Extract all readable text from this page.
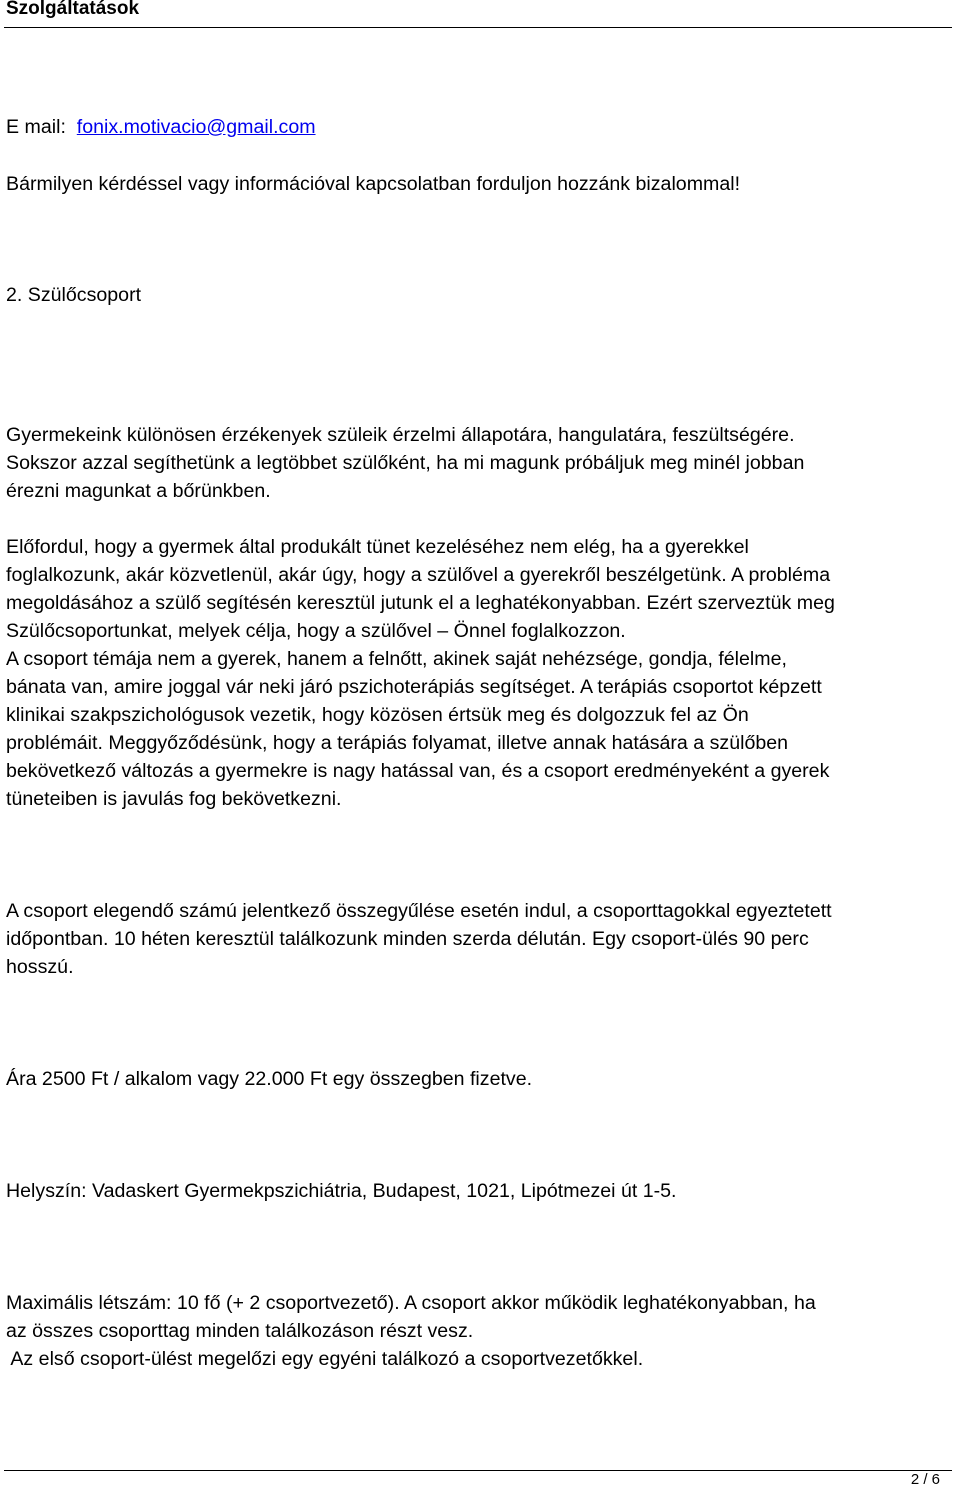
Szolgáltatások
E mail: fonix.motivacio@gmail.com
Bármilyen kérdéssel vagy információval kapcsolatban forduljon hozzánk bizalommal!
2. Szülőcsoport
Gyermekeink különösen érzékenyek szüleik érzelmi állapotára, hangulatára, feszültségére.
Sokszor azzal segíthetünk a legtöbbet szülőként, ha mi magunk próbáljuk meg minél jobban
érezni magunkat a bőrünkben.
Előfordul, hogy a gyermek által produkált tünet kezeléséhez nem elég, ha a gyerekkel
foglalkozunk, akár közvetlenül, akár úgy, hogy a szülővel a gyerekről beszélgetünk. A probléma
megoldásához a szülő segítésén keresztül jutunk el a leghatékonyabban. Ezért szerveztük meg
Szülőcsoportunkat, melyek célja, hogy a szülővel – Önnel foglalkozzon.
A csoport témája nem a gyerek, hanem a felnőtt, akinek saját nehézsége, gondja, félelme,
bánata van, amire joggal vár neki járó pszichoterápiás segítséget. A terápiás csoportot képzett
klinikai szakpszichológusok vezetik, hogy közösen értsük meg és dolgozzuk fel az Ön
problémáit. Meggyőződésünk, hogy a terápiás folyamat, illetve annak hatására a szülőben
bekövetkező változás a gyermekre is nagy hatással van, és a csoport eredményeként a gyerek
tüneteiben is javulás fog bekövetkezni.
A csoport elegendő számú jelentkező összegyűlése esetén indul, a csoporttagokkal egyeztetett
időpontban. 10 héten keresztül találkozunk minden szerda délután. Egy csoport-ülés 90 perc
hosszú.
Ára 2500 Ft / alkalom vagy 22.000 Ft egy összegben fizetve.
Helyszín: Vadaskert Gyermekpszichiátria, Budapest, 1021, Lipótmezei út 1-5.
Maximális létszám: 10 fő (+ 2 csoportvezető). A csoport akkor működik leghatékonyabban, ha
az összes csoporttag minden találkozáson részt vesz.
Az első csoport-ülést megelőzi egy egyéni találkozó a csoportvezetőkkel.
2 / 6
